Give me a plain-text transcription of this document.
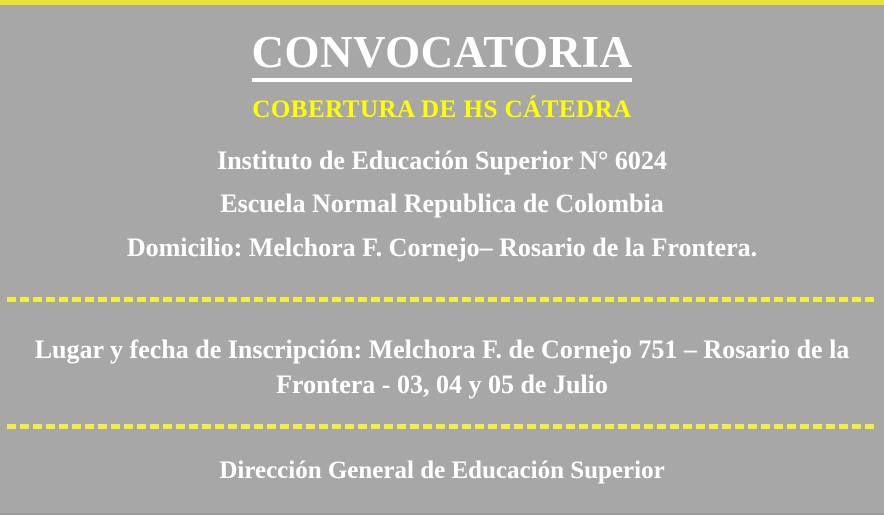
CONVOCATORIA
COBERTURA DE HS CÁTEDRA

Instituto de Educación Superior N° 6024

Escuela Normal Republica de Colombia

Domicilio: Melchora F. Cornejo– Rosario de la Frontera.

Lugar y fecha de Inscripción: Melchora F. de Cornejo 751 – Rosario de la
Frontera - 03, 04 y 05 de Julio

Dirección General de Educación Superior
